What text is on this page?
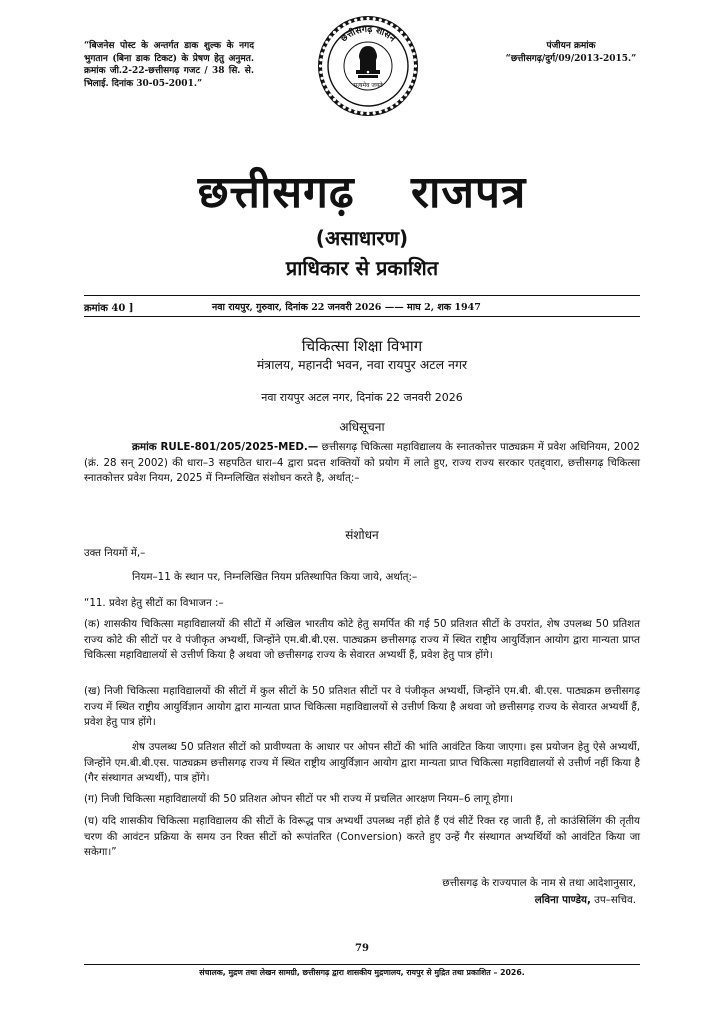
“बिजनेस पोस्ट के अन्तर्गत डाक शुल्क के नगद भुगतान (बिना डाक टिकट) के प्रेषण हेतु अनुमत. क्रमांक जी.2-22-छत्तीसगढ़ गजट / 38 सि. से. भिलाई. दिनांक 30-05-2001.”
छत्तीसगढ़ शासन
सत्यमेव जयते
पंजीयन क्रमांक
“छत्तीसगढ़/दुर्ग/09/2013-2015.”
छत्तीसगढ़ राजपत्र
(असाधारण)
प्राधिकार से प्रकाशित
क्रमांक 40 ]	नवा रायपुर, गुरुवार, दिनांक 22 जनवरी 2026 —— माघ 2, शक 1947
चिकित्सा शिक्षा विभाग
मंत्रालय, महानदी भवन, नवा रायपुर अटल नगर
नवा रायपुर अटल नगर, दिनांक 22 जनवरी 2026
अधिसूचना
क्रमांक RULE-801/205/2025-MED.— छत्तीसगढ़ चिकित्सा महाविद्यालय के स्नातकोत्तर पाठ्यक्रम में प्रवेश अधिनियम, 2002 (क्रं. 28 सन् 2002) की धारा–3 सहपठित धारा–4 द्वारा प्रदत्त शक्तियों को प्रयोग में लाते हुए, राज्य राज्य सरकार एतद्द्वारा, छत्तीसगढ़ चिकित्सा स्नातकोत्तर प्रवेश नियम, 2025 में निम्नलिखित संशोधन करते है, अर्थात्:–
संशोधन
उक्त नियमों में,–
नियम–11 के स्थान पर, निम्नलिखित नियम प्रतिस्थापित किया जाये, अर्थात्:–
“11. प्रवेश हेतु सीटों का विभाजन :–
(क) शासकीय चिकित्सा महाविद्यालयों की सीटों में अखिल भारतीय कोटे हेतु समर्पित की गई 50 प्रतिशत सीटों के उपरांत, शेष उपलब्ध 50 प्रतिशत राज्य कोटे की सीटों पर वे पंजीकृत अभ्यर्थी, जिन्होंने एम.बी.बी.एस. पाठ्यक्रम छत्तीसगढ़ राज्य में स्थित राष्ट्रीय आयुर्विज्ञान आयोग द्वारा मान्यता प्राप्त चिकित्सा महाविद्यालयों से उत्तीर्ण किया है अथवा जो छत्तीसगढ़ राज्य के सेवारत अभ्यर्थी हैं, प्रवेश हेतु पात्र होंगे।
(ख) निजी चिकित्सा महाविद्यालयों की सीटों में कुल सीटों के 50 प्रतिशत सीटों पर वे पंजीकृत अभ्यर्थी, जिन्होंने एम.बी. बी.एस. पाठ्यक्रम छत्तीसगढ़ राज्य में स्थित राष्ट्रीय आयुर्विज्ञान आयोग द्वारा मान्यता प्राप्त चिकित्सा महाविद्यालयों से उत्तीर्ण किया है अथवा जो छत्तीसगढ़ राज्य के सेवारत अभ्यर्थी हैं, प्रवेश हेतु पात्र होंगे।
शेष उपलब्ध 50 प्रतिशत सीटों को प्रावीण्यता के आधार पर ओपन सीटों की भांति आवंटित किया जाएगा। इस प्रयोजन हेतु ऐसे अभ्यर्थी, जिन्होंने एम.बी.बी.एस. पाठ्यक्रम छत्तीसगढ़ राज्य में स्थित राष्ट्रीय आयुर्विज्ञान आयोग द्वारा मान्यता प्राप्त चिकित्सा महाविद्यालयों से उत्तीर्ण नहीं किया है (गैर संस्थागत अभ्यर्थी), पात्र होंगे।
(ग) निजी चिकित्सा महाविद्यालयों की 50 प्रतिशत ओपन सीटों पर भी राज्य में प्रचलित आरक्षण नियम–6 लागू होगा।
(घ) यदि शासकीय चिकित्सा महाविद्यालय की सीटों के विरूद्ध पात्र अभ्यर्थी उपलब्ध नहीं होते हैं एवं सीटें रिक्त रह जाती हैं, तो काउंसिलिंग की तृतीय चरण की आवंटन प्रक्रिया के समय उन रिक्त सीटों को रूपांतरित (Conversion) करते हुए उन्हें गैर संस्थागत अभ्यर्थियों को आवंटित किया जा सकेगा।”
छत्तीसगढ़ के राज्यपाल के नाम से तथा आदेशानुसार,
लविना पाण्डेय, उप–सचिव.
79
संचालक, मुद्रण तथा लेखन सामग्री, छत्तीसगढ़ द्वारा शासकीय मुद्रणालय, रायपुर से मुद्रित तथा प्रकाशित – 2026.
